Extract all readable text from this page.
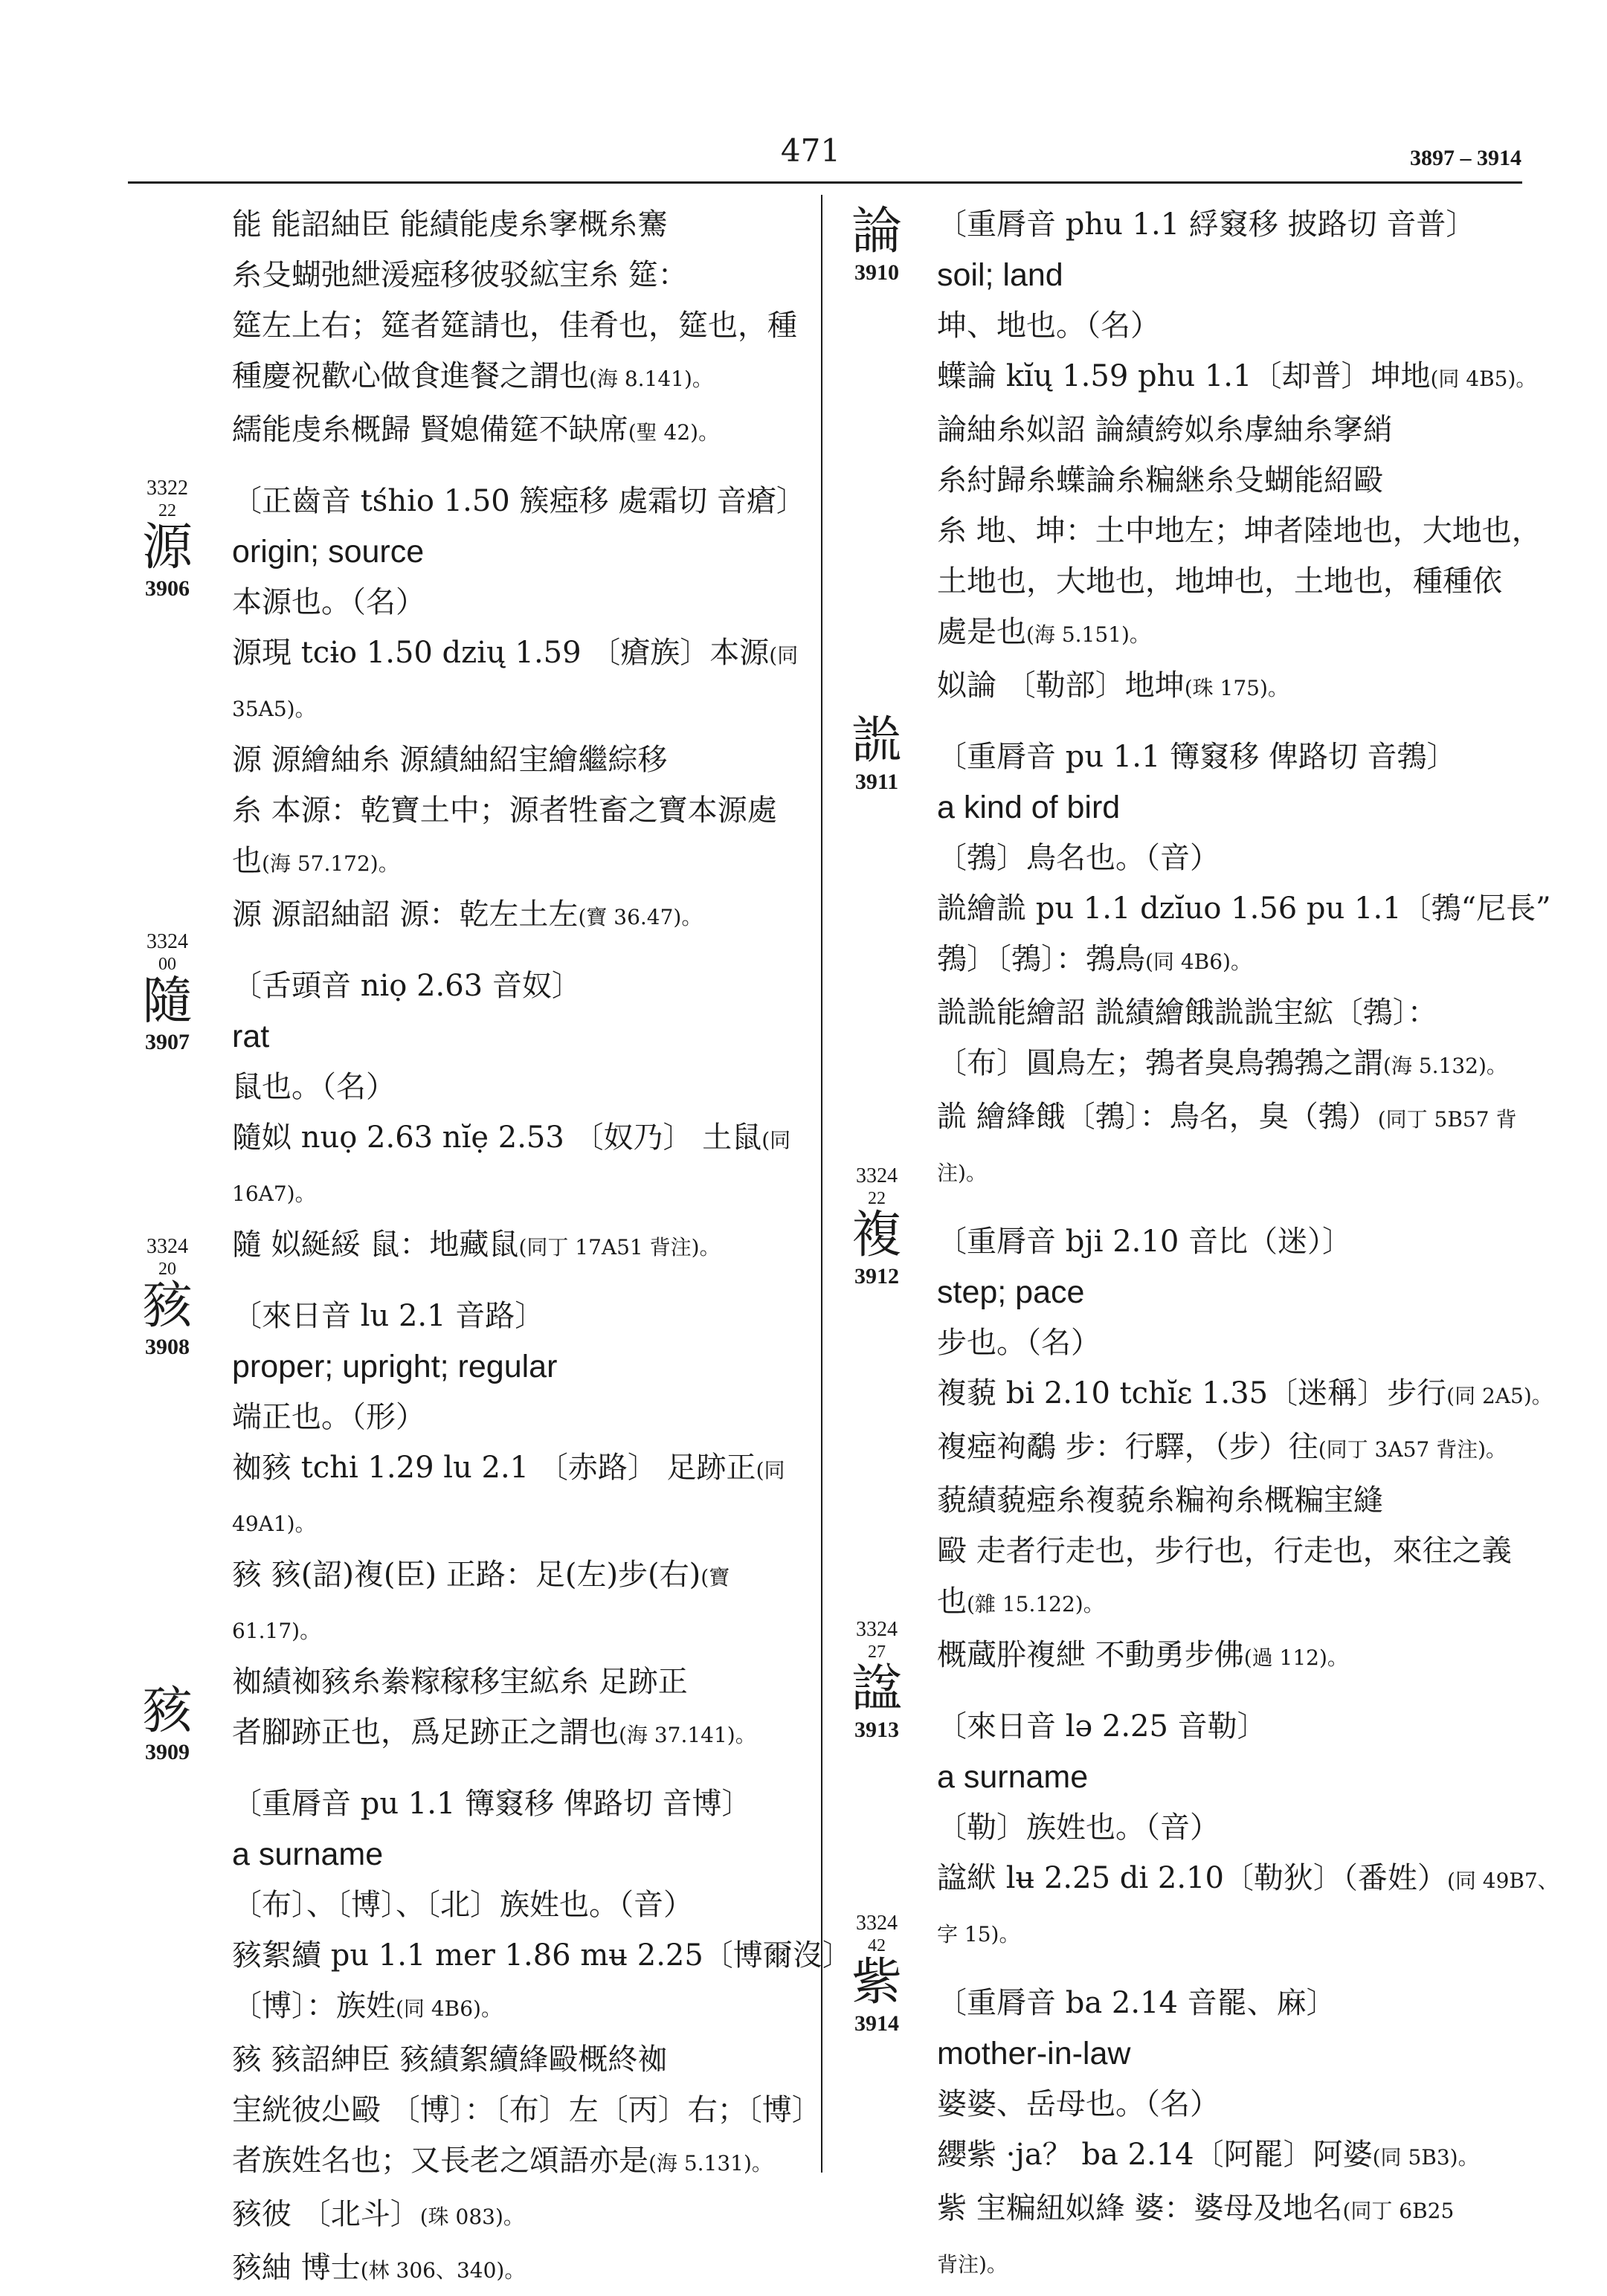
471	3897 – 3914
能 能詔紬臣 能績能虔糸窙概糸騫
糸殳蝴弛紲湲瘂移彼驳絋宔糸 筵：
筵左上右；筵者筵請也，佳肴也，筵也，種
種慶祝歡心做食進餐之謂也(海 8.141)。
繻能虔糸概歸 賢媳備筵不缺席(聖 42)。
〔正齒音 tśhio 1.50 簇瘂移 處霜切 音瘡〕
origin; source
本源也。（名）
源現 tcɨo 1.50 dzių 1.59 〔瘡族〕本源(同
35A5)。
源 源繪紬糸 源績紬紹宔繪繼綜移
糸 本源：乾寶土中；源者牲畜之寶本源處
也(海 57.172)。
源 源詔紬詔 源：乾左土左(寶 36.47)。
〔舌頭音 niọ 2.63 音奴〕
rat
鼠也。（名）
隨姒 nuọ 2.63 nĭẹ 2.53 〔奴乃〕 土鼠(同
16A7)。
隨 姒綖綏 鼠：地藏鼠(同丁 17A51 背注)。
〔來日音 lu 2.1 音路〕
proper; upright; regular
端正也。（形）
袽豥 tchi 1.29 lu 2.1 〔赤路〕 足跡正(同
49A1)。
豥 豥(詔)複(臣) 正路：足(左)步(右)(寶
61.17)。
袽績袽豥糸絭糘稼移宔絋糸 足跡正
者腳跡正也，爲足跡正之謂也(海 37.141)。
〔重脣音 pu 1.1 簙窡移 俾路切 音博〕
a surname
〔布〕、〔博〕、〔北〕族姓也。（音）
豥絮續 pu 1.1 mer 1.86 mʉ 2.25〔博爾沒〕
〔博〕：族姓(同 4B6)。
豥 豥詔紳臣 豥績絮續綘毆概終袽
宔絖彼尐毆 〔博〕：〔布〕左〔丙〕右；〔博〕
者族姓名也；又長老之頌語亦是(海 5.131)。
豥彼 〔北斗〕(珠 083)。
豥紬 博士(林 306、340)。
〔重脣音 phu 1.1 綒窡移 披路切 音普〕
soil; land
坤、地也。（名）
蠂論 kĭų 1.59 phu 1.1〔却普〕坤地(同 4B5)。
論紬糸姒詔 論績絝姒糸虖紬糸窙綃
糸紂歸糸蠂論糸糄継糸殳蝴能紹毆
糸 地、坤：土中地左；坤者陸地也，大地也，
土地也，大地也，地坤也，土地也，種種依
處是也(海 5.151)。
姒論 〔勒部〕地坤(珠 175)。
〔重脣音 pu 1.1 簙窡移 俾路切 音鵓〕
a kind of bird
〔鵓〕鳥名也。（音）
詤繪詤 pu 1.1 dzĭuᴏ 1.56 pu 1.1〔鵓“尼長”
鵓〕〔鵓〕：鵓鳥(同 4B6)。
詤詤能繪詔 詤績繪餓詤詤宔絋〔鵓〕：
〔布〕圓鳥左；鵓者臭鳥鵓鵓之謂(海 5.132)。
詤 繪綘餓〔鵓〕：鳥名，臭（鵓）(同丁 5B57 背
注)。
〔重脣音 bji 2.10 音比（迷）〕
step; pace
步也。（名）
複藐 bi 2.10 tchĭɛ 1.35〔迷稱〕步行(同 2A5)。
複瘂袧鷸 步：行驛，（步）往(同丁 3A57 背注)。
藐績藐瘂糸複藐糸糄袧糸概糄宔縫
毆 走者行走也，步行也，行走也，來往之義
也(雜 15.122)。
概蔵肸複紲 不動勇步佛(過 112)。
〔來日音 lə 2.25 音勒〕
a surname
〔勒〕族姓也。（音）
諡絥 lʉ 2.25 di 2.10〔勒狄〕（番姓）(同 49B7、
字 15)。
〔重脣音 ba 2.14 音罷、麻〕
mother-in-law
婆婆、岳母也。（名）
纓紫 ·ja？ ba 2.14〔阿罷〕阿婆(同 5B3)。
紫 宔糄紐姒綘 婆：婆母及地名(同丁 6B25
背注)。
3322
22
源
3906
3324
00
隨
3907
3324
20
豥
3908
豥
3909
論
3910
詤
3911
3324
22
複
3912
3324
27
諡
3913
3324
42
紫
3914
